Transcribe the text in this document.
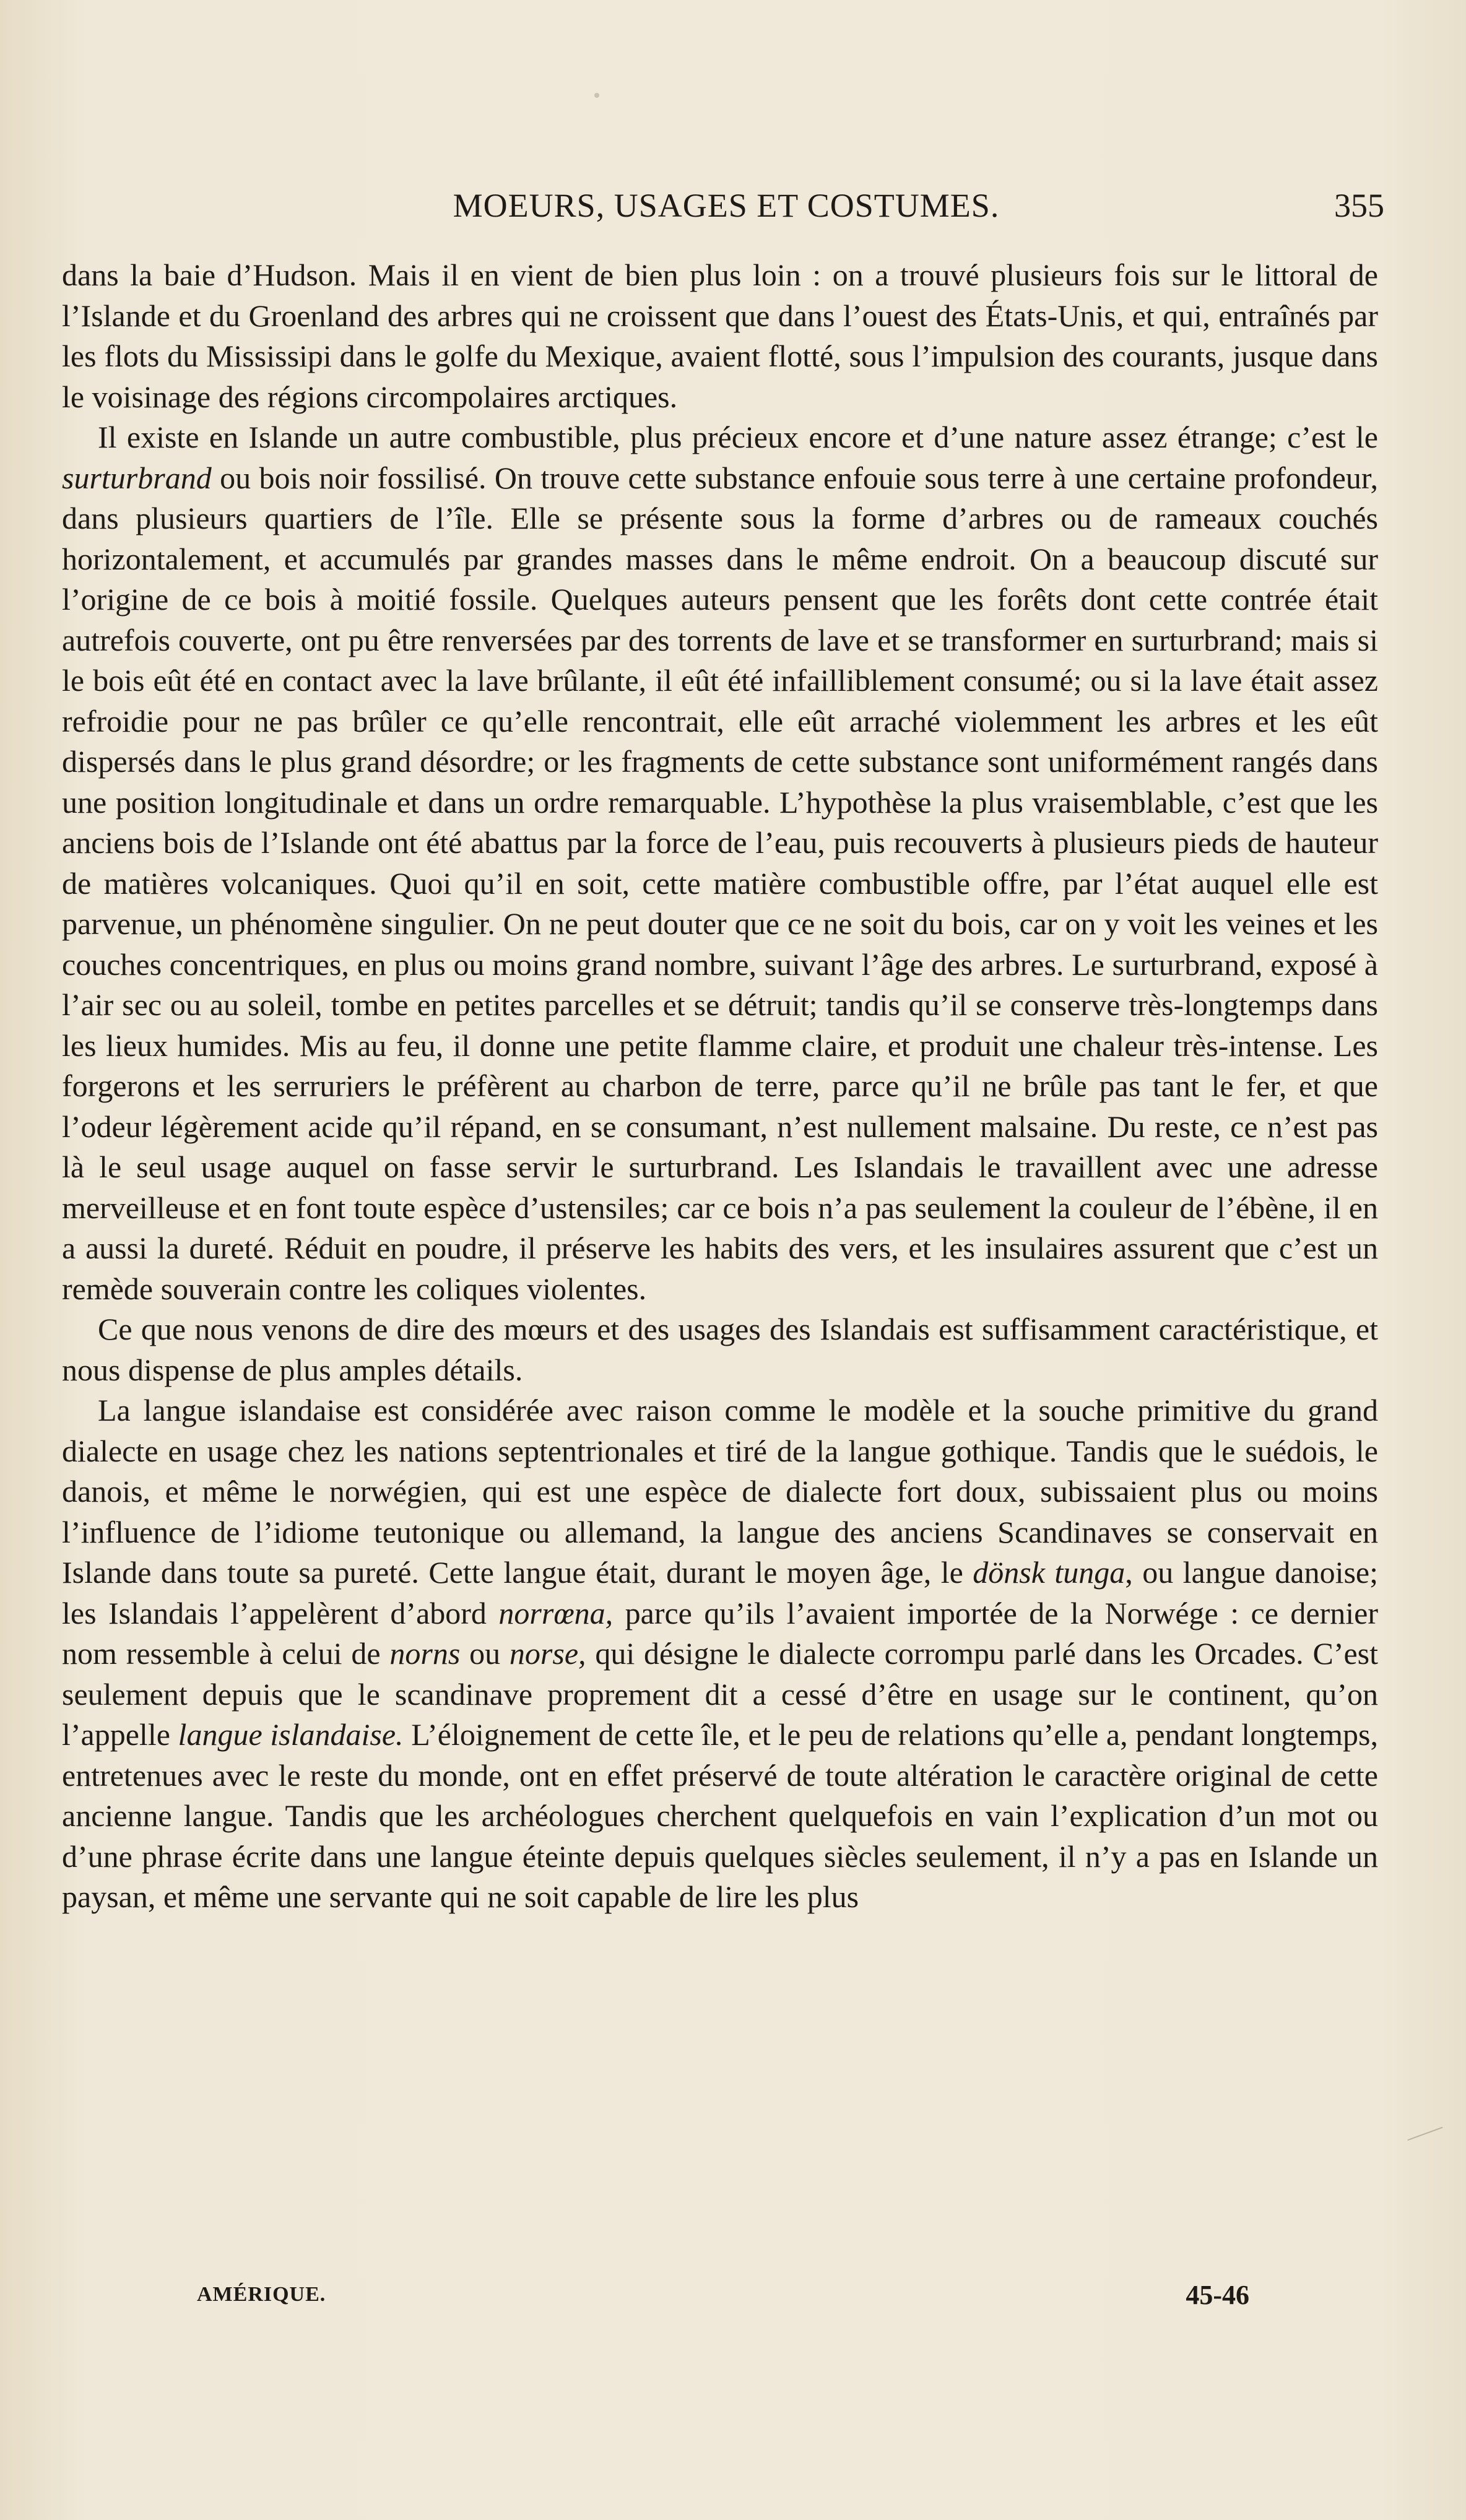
MOEURS, USAGES ET COSTUMES.	355

dans la baie d’Hudson. Mais il en vient de bien plus loin : on a trouvé plusieurs fois sur le littoral de l’Islande et du Groenland des arbres qui ne croissent que dans l’ouest des États-Unis, et qui, entraînés par les flots du Mississipi dans le golfe du Mexique, avaient flotté, sous l’impulsion des courants, jusque dans le voisinage des régions circompolaires arctiques.

Il existe en Islande un autre combustible, plus précieux encore et d’une nature assez étrange; c’est le surturbrand ou bois noir fossilisé. On trouve cette substance enfouie sous terre à une certaine profondeur, dans plusieurs quartiers de l’île. Elle se présente sous la forme d’arbres ou de rameaux couchés horizontalement, et accumulés par grandes masses dans le même endroit. On a beaucoup discuté sur l’origine de ce bois à moitié fossile. Quelques auteurs pensent que les forêts dont cette contrée était autrefois couverte, ont pu être renversées par des torrents de lave et se transformer en surturbrand; mais si le bois eût été en contact avec la lave brûlante, il eût été infailliblement consumé; ou si la lave était assez refroidie pour ne pas brûler ce qu’elle rencontrait, elle eût arraché violemment les arbres et les eût dispersés dans le plus grand désordre; or les fragments de cette substance sont uniformément rangés dans une position longitudinale et dans un ordre remarquable. L’hypothèse la plus vraisemblable, c’est que les anciens bois de l’Islande ont été abattus par la force de l’eau, puis recouverts à plusieurs pieds de hauteur de matières volcaniques. Quoi qu’il en soit, cette matière combustible offre, par l’état auquel elle est parvenue, un phénomène singulier. On ne peut douter que ce ne soit du bois, car on y voit les veines et les couches concentriques, en plus ou moins grand nombre, suivant l’âge des arbres. Le surturbrand, exposé à l’air sec ou au soleil, tombe en petites parcelles et se détruit; tandis qu’il se conserve très-longtemps dans les lieux humides. Mis au feu, il donne une petite flamme claire, et produit une chaleur très-intense. Les forgerons et les serruriers le préfèrent au charbon de terre, parce qu’il ne brûle pas tant le fer, et que l’odeur légèrement acide qu’il répand, en se consumant, n’est nullement malsaine. Du reste, ce n’est pas là le seul usage auquel on fasse servir le surturbrand. Les Islandais le travaillent avec une adresse merveilleuse et en font toute espèce d’ustensiles; car ce bois n’a pas seulement la couleur de l’ébène, il en a aussi la dureté. Réduit en poudre, il préserve les habits des vers, et les insulaires assurent que c’est un remède souverain contre les coliques violentes.

Ce que nous venons de dire des mœurs et des usages des Islandais est suffisamment caractéristique, et nous dispense de plus amples détails.

La langue islandaise est considérée avec raison comme le modèle et la souche primitive du grand dialecte en usage chez les nations septentrionales et tiré de la langue gothique. Tandis que le suédois, le danois, et même le norwégien, qui est une espèce de dialecte fort doux, subissaient plus ou moins l’influence de l’idiome teutonique ou allemand, la langue des anciens Scandinaves se conservait en Islande dans toute sa pureté. Cette langue était, durant le moyen âge, le dönsk tunga, ou langue danoise; les Islandais l’appelèrent d’abord norrœna, parce qu’ils l’avaient importée de la Norwége : ce dernier nom ressemble à celui de norns ou norse, qui désigne le dialecte corrompu parlé dans les Orcades. C’est seulement depuis que le scandinave proprement dit a cessé d’être en usage sur le continent, qu’on l’appelle langue islandaise. L’éloignement de cette île, et le peu de relations qu’elle a, pendant longtemps, entretenues avec le reste du monde, ont en effet préservé de toute altération le caractère original de cette ancienne langue. Tandis que les archéologues cherchent quelquefois en vain l’explication d’un mot ou d’une phrase écrite dans une langue éteinte depuis quelques siècles seulement, il n’y a pas en Islande un paysan, et même une servante qui ne soit capable de lire les plus

AMÉRIQUE.	45-46
